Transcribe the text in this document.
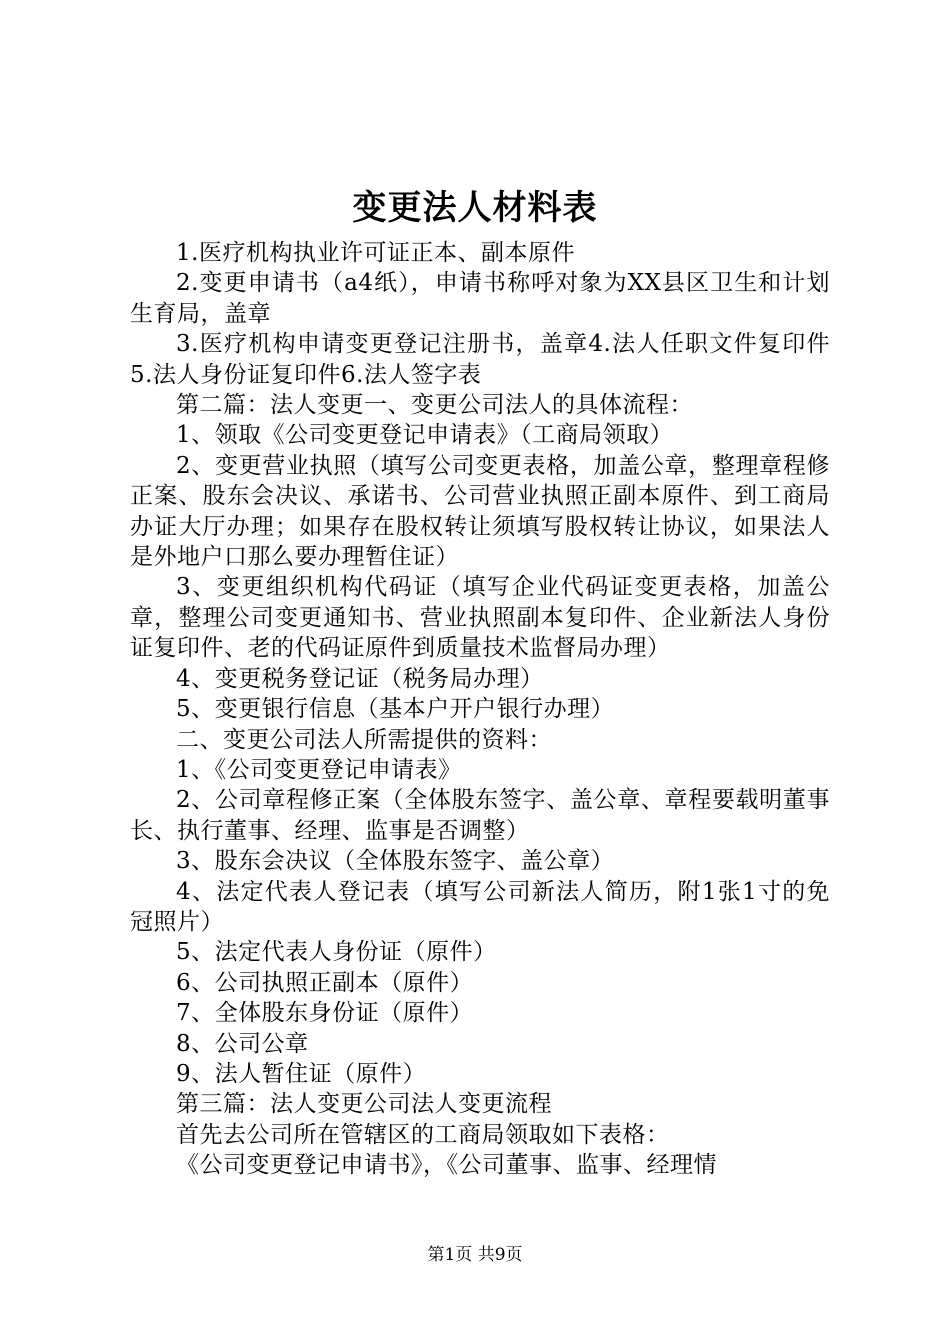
变更法人材料表

1.医疗机构执业许可证正本、副本原件

2.变更申请书（a4纸），申请书称呼对象为XX县区卫生和计划生育局，盖章

3.医疗机构申请变更登记注册书，盖章4.法人任职文件复印件5.法人身份证复印件6.法人签字表

第二篇：法人变更一、变更公司法人的具体流程：

1、领取《公司变更登记申请表》（工商局领取）

2、变更营业执照（填写公司变更表格，加盖公章，整理章程修正案、股东会决议、承诺书、公司营业执照正副本原件、到工商局办证大厅办理；如果存在股权转让须填写股权转让协议，如果法人是外地户口那么要办理暂住证）

3、变更组织机构代码证（填写企业代码证变更表格，加盖公章，整理公司变更通知书、营业执照副本复印件、企业新法人身份证复印件、老的代码证原件到质量技术监督局办理）

4、变更税务登记证（税务局办理）

5、变更银行信息（基本户开户银行办理）

二、变更公司法人所需提供的资料：

1、《公司变更登记申请表》

2、公司章程修正案（全体股东签字、盖公章、章程要载明董事长、执行董事、经理、监事是否调整）

3、股东会决议（全体股东签字、盖公章）

4、法定代表人登记表（填写公司新法人简历，附1张1寸的免冠照片）

5、法定代表人身份证（原件）

6、公司执照正副本（原件）

7、全体股东身份证（原件）

8、公司公章

9、法人暂住证（原件）

第三篇：法人变更公司法人变更流程

首先去公司所在管辖区的工商局领取如下表格：

《公司变更登记申请书》，《公司董事、监事、经理情

第1页 共9页
